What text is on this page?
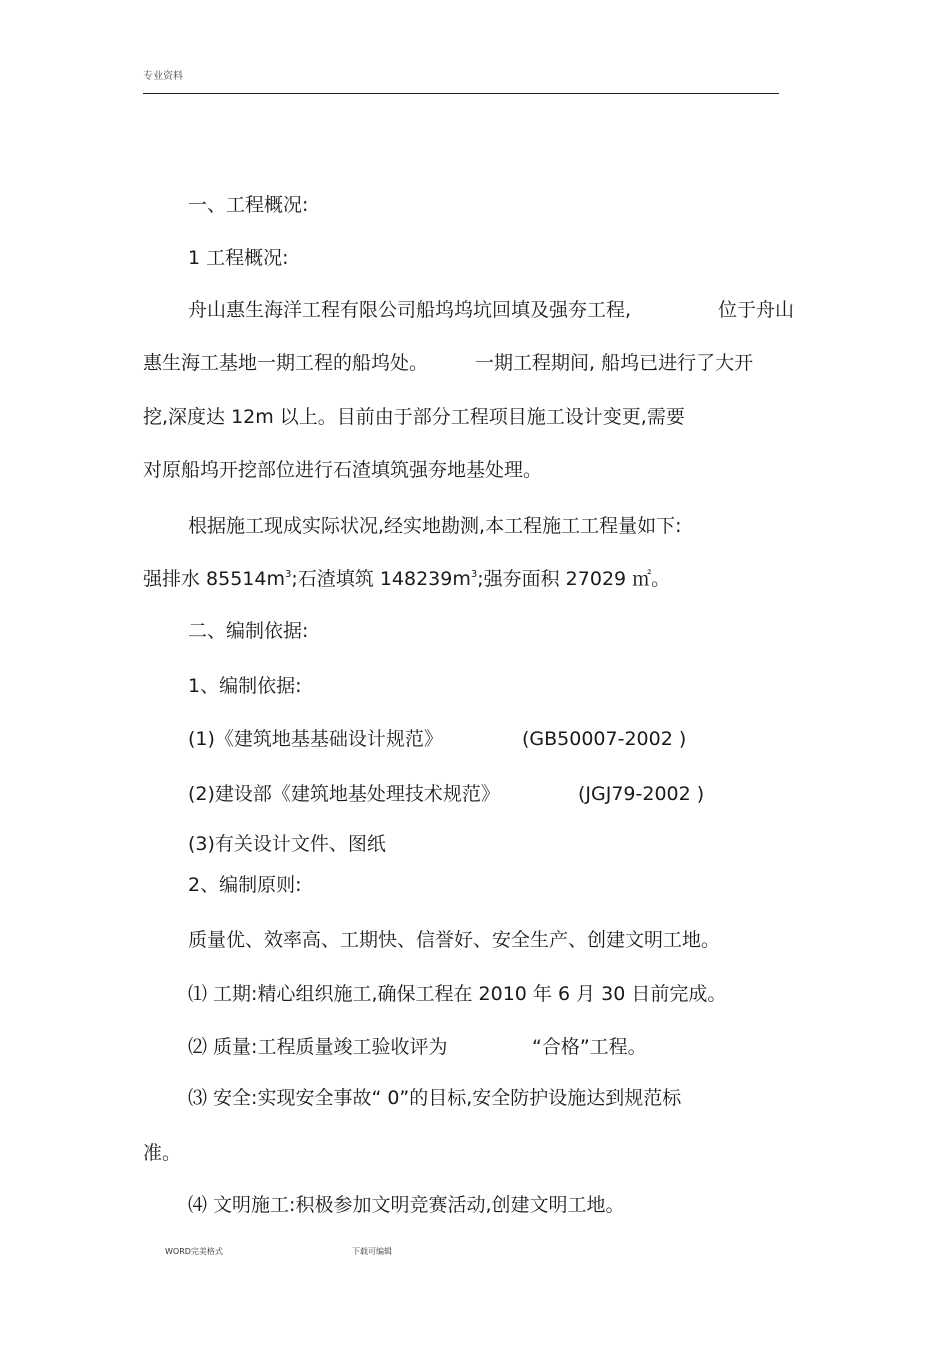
专业资料
一、工程概况:
1 工程概况:
舟山惠生海洋工程有限公司船坞坞坑回填及强夯工程,	位于舟山
惠生海工基地一期工程的船坞处。 一期工程期间, 船坞已进行了大开
挖,深度达 12m 以上。目前由于部分工程项目施工设计变更,需要
对原船坞开挖部位进行石渣填筑强夯地基处理。
根据施工现成实际状况,经实地勘测,本工程施工工程量如下:
强排水 $85514m^3$;石渣填筑 $148239m^3$;强夯面积 27029 ㎡。
二、编制依据:
1、编制依据:
(1)《建筑地基基础设计规范》	(GB50007-2002 )
(2)建设部《建筑地基处理技术规范》	(JGJ79-2002 )
(3)有关设计文件、图纸
2、编制原则:
质量优、效率高、工期快、信誉好、安全生产、创建文明工地。
⑴ 工期:精心组织施工,确保工程在 2010 年 6 月 30 日前完成。
⑵ 质量:工程质量竣工验收评为	“合格”工程。
⑶ 安全:实现安全事故“ 0”的目标,安全防护设施达到规范标
准。
⑷ 文明施工:积极参加文明竞赛活动,创建文明工地。
WORD完美格式	下载可编辑
